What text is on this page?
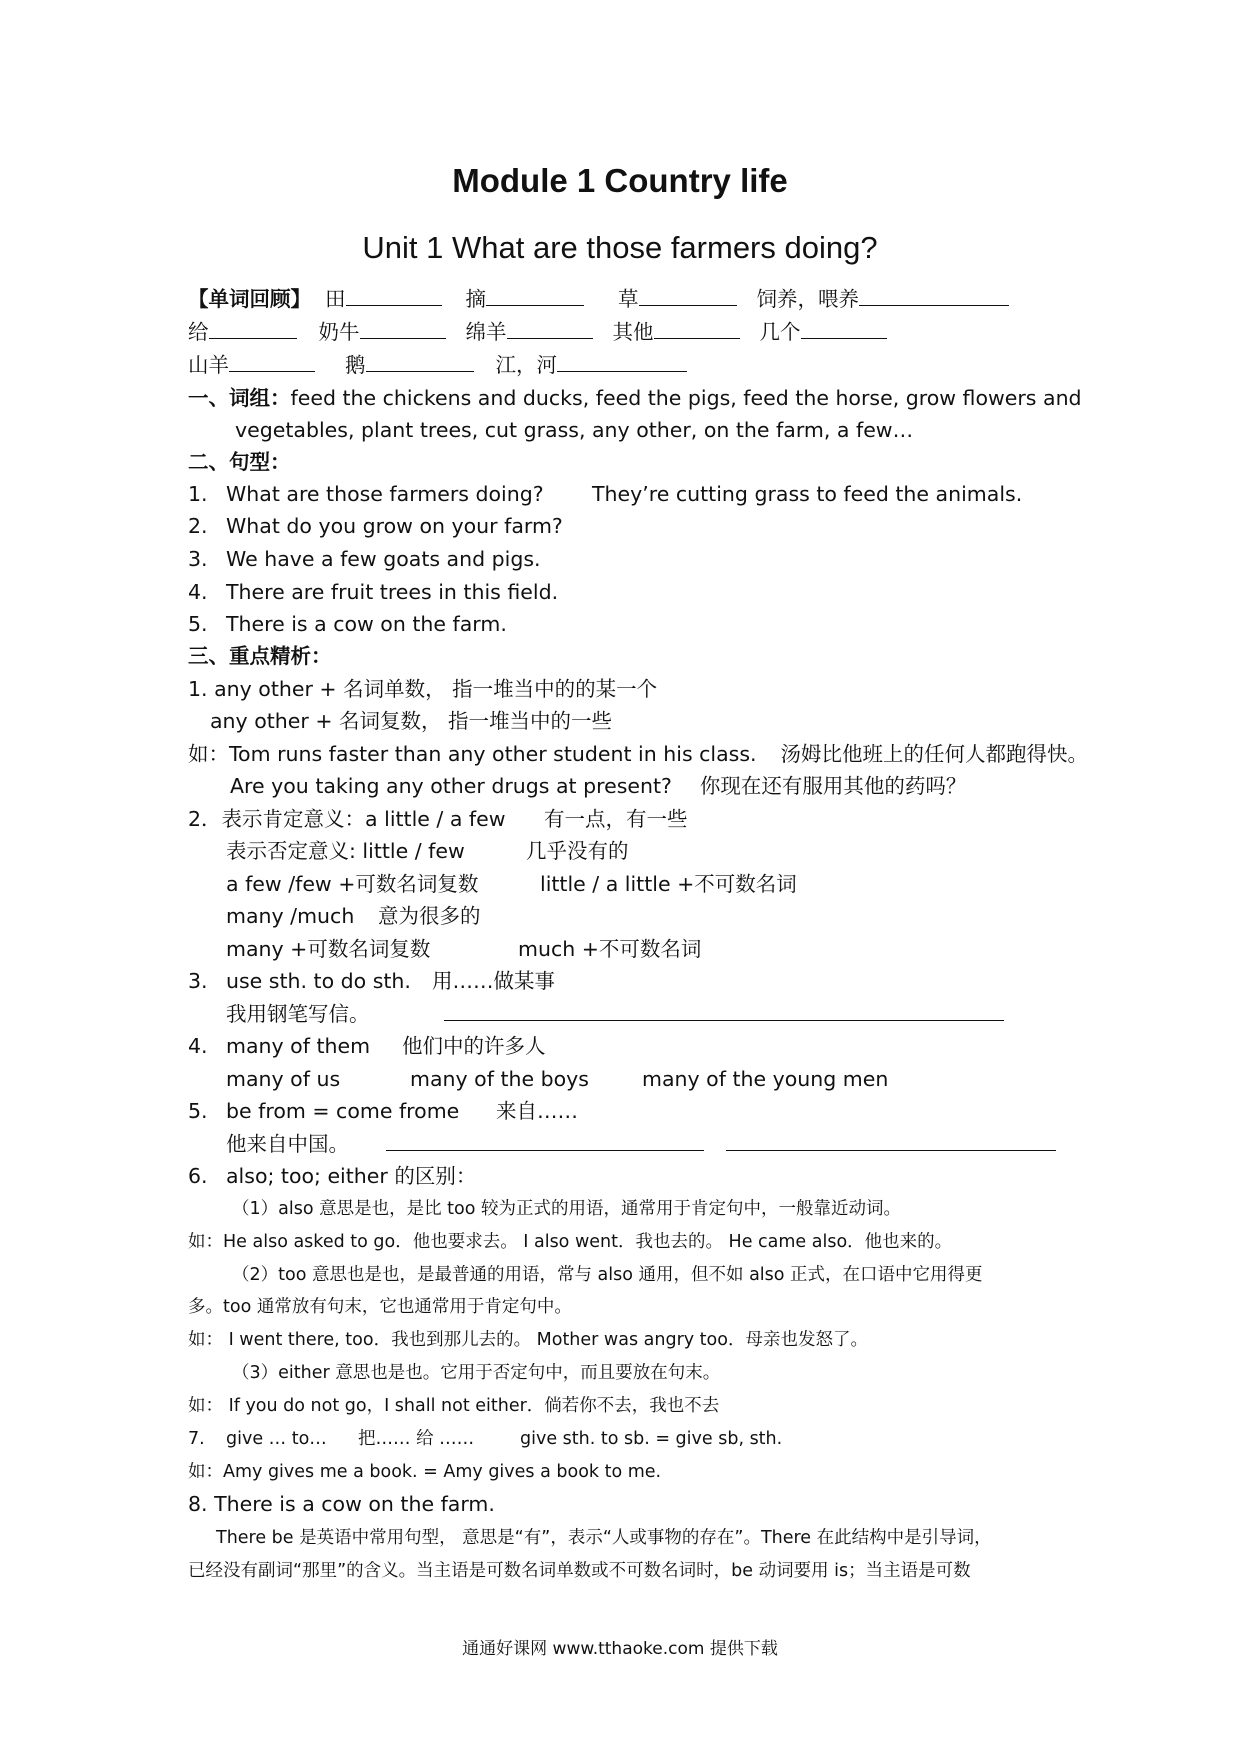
Module 1 Country life
Unit 1 What are those farmers doing?
【单词回顾】 田	摘	草	饲养，喂养
给	奶牛	绵羊	其他	几个
山羊	鹅	江，河
一、词组：feed the chickens and ducks, feed the pigs, feed the horse, grow flowers and
vegetables, plant trees, cut grass, any other, on the farm, a few…
二、句型：
1. What are those farmers doing? They’re cutting grass to feed the animals.
2. What do you grow on your farm?
3. We have a few goats and pigs.
4. There are fruit trees in this field.
5. There is a cow on the farm.
三、重点精析：
1. any other + 名词单数， 指一堆当中的的某一个
any other + 名词复数， 指一堆当中的一些
如：Tom runs faster than any other student in his class. 汤姆比他班上的任何人都跑得快。
Are you taking any other drugs at present? 你现在还有服用其他的药吗？
2．表示肯定意义：a little / a few 有一点，有一些
表示否定意义: little / few	几乎没有的
a few /few +可数名词复数	little / a little +不可数名词
many /much 意为很多的
many +可数名词复数	much +不可数名词
3. use sth. to do sth. 用……做某事
我用钢笔写信。
4. many of them 他们中的许多人
many of us	many of the boys	many of the young men
5. be from = come frome 来自……
他来自中国。
6. also; too; either 的区别：
（1）also 意思是也，是比 too 较为正式的用语，通常用于肯定句中，一般靠近动词。
如：He also asked to go．他也要求去。 I also went．我也去的。 He came also．他也来的。
（2）too 意思也是也，是最普通的用语，常与 also 通用，但不如 also 正式，在口语中它用得更
多。too 通常放有句末，它也通常用于肯定句中。
如： I went there, too．我也到那儿去的。 Mother was angry too．母亲也发怒了。
（3）either 意思也是也。它用于否定句中，而且要放在句末。
如： If you do not go，I shall not either．倘若你不去，我也不去
7. give … to… 把…… 给 ……	give sth. to sb. = give sb, sth.
如：Amy gives me a book. = Amy gives a book to me.
8. There is a cow on the farm.
There be 是英语中常用句型， 意思是“有”，表示“人或事物的存在”。There 在此结构中是引导词，
已经没有副词“那里”的含义。当主语是可数名词单数或不可数名词时，be 动词要用 is；当主语是可数
通通好课网 www.tthaoke.com 提供下载
